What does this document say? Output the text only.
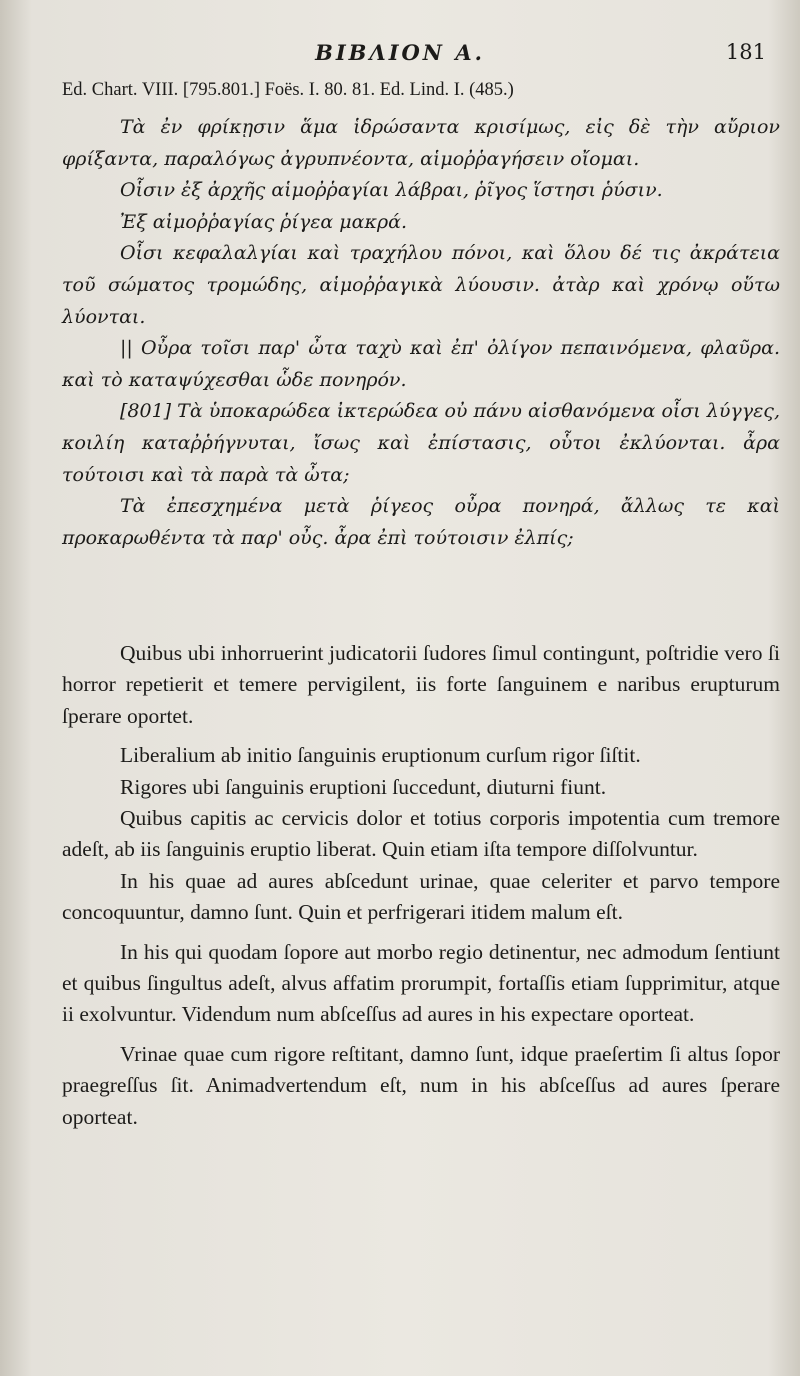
BIBΛION A.	181
Ed. Chart. VIII. [795.801.] Foës. I. 80. 81. Ed. Lind. I. (485.)

Τὰ ἐν φρίκῃσιν ἅμα ἱδρώσαντα κρισίμως, εἰς δὲ τὴν αὔριον φρίξαντα, παραλόγως ἀγρυπνέοντα, αἱμοῤῥαγήσειν οἴομαι.

Οἷσιν ἐξ ἀρχῆς αἱμοῤῥαγίαι λάβραι, ῥῖγος ἵστησι ῥύσιν.

Ἐξ αἱμοῤῥαγίας ῥίγεα μακρά.

Οἷσι κεφαλαλγίαι καὶ τραχήλου πόνοι, καὶ ὅλου δέ τις ἀκράτεια τοῦ σώματος τρομώδης, αἱμοῤῥαγικὰ λύουσιν. ἀτὰρ καὶ χρόνῳ οὕτω λύονται.

|| Οὖρα τοῖσι παρ' ὦτα ταχὺ καὶ ἐπ' ὀλίγον πεπαινόμενα, φλαῦρα. καὶ τὸ καταψύχεσθαι ὧδε πονηρόν.

[801] Τὰ ὑποκαρώδεα ἰκτερώδεα οὐ πάνυ αἰσθανόμενα οἷσι λύγγες, κοιλίη καταῤῥήγνυται, ἴσως καὶ ἐπίστασις, οὗτοι ἐκλύονται. ἆρα τούτοισι καὶ τὰ παρὰ τὰ ὦτα;

Τὰ ἐπεσχημένα μετὰ ῥίγεος οὖρα πονηρά, ἄλλως τε καὶ προκαρωθέντα τὰ παρ' οὖς. ἆρα ἐπὶ τούτοισιν ἐλπίς;

Quibus ubi inhorruerint judicatorii ſudores ſimul contingunt, poſtridie vero ſi horror repetierit et temere pervigilent, iis forte ſanguinem e naribus erupturum ſperare oportet.

Liberalium ab initio ſanguinis eruptionum curſum rigor ſiſtit.

Rigores ubi ſanguinis eruptioni ſuccedunt, diuturni fiunt.

Quibus capitis ac cervicis dolor et totius corporis impotentia cum tremore adeſt, ab iis ſanguinis eruptio liberat. Quin etiam iſta tempore diſſolvuntur.

In his quae ad aures abſcedunt urinae, quae celeriter et parvo tempore concoquuntur, damno ſunt. Quin et perfrigerari itidem malum eſt.

In his qui quodam ſopore aut morbo regio detinentur, nec admodum ſentiunt et quibus ſingultus adeſt, alvus affatim prorumpit, fortaſſis etiam ſupprimitur, atque ii exolvuntur. Videndum num abſceſſus ad aures in his expectare oporteat.

Vrinae quae cum rigore reſtitant, damno ſunt, idque praeſertim ſi altus ſopor praegreſſus ſit. Animadvertendum eſt, num in his abſceſſus ad aures ſperare oporteat.
